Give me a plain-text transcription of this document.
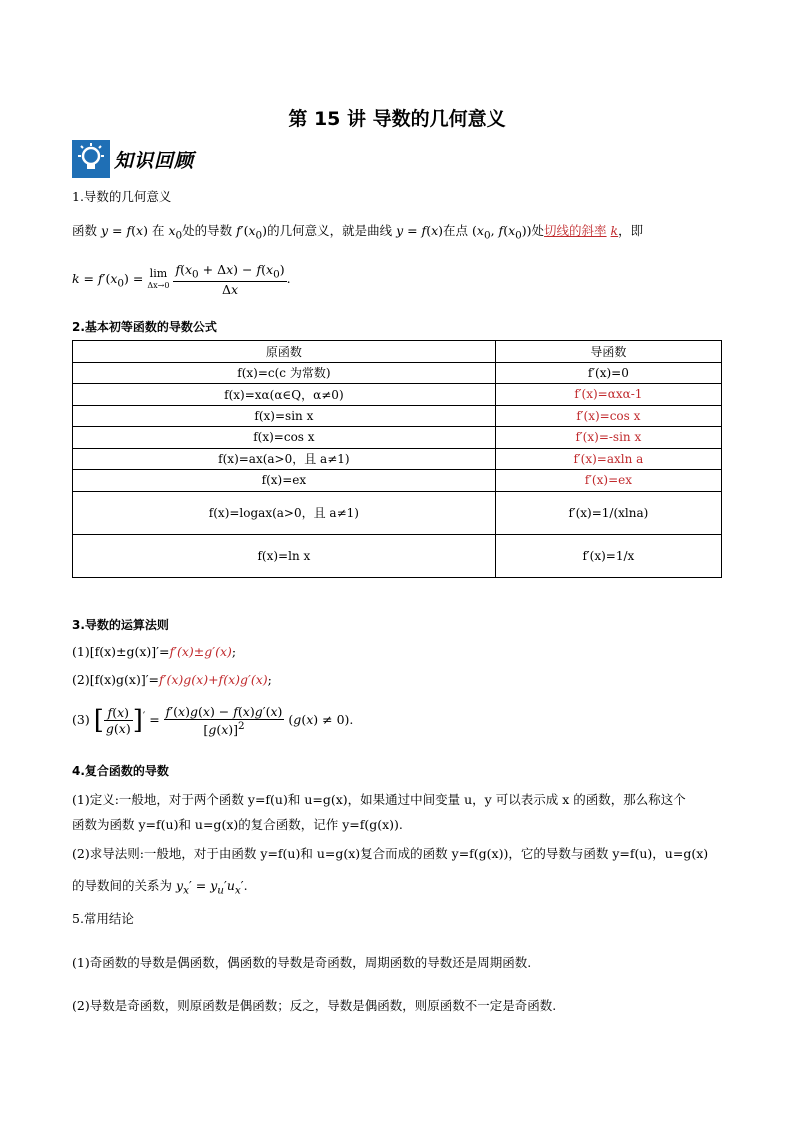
第 15 讲 导数的几何意义
知识回顾
1.导数的几何意义
函数 y = f(x) 在 $x_0$处的导数 $f'(x_0)$的几何意义，就是曲线 y = f(x)在点 ($x_0$, $f(x_0)$)处切线的斜率 k，即
$k = f'(x_0) = \lim$
$\Delta x\to 0 \frac{f(x_0 + \Delta x) - f(x_0)}{\Delta x}$ .
2.基本初等函数的导数公式
原函数	导函数
f(x)=c(c 为常数)	f′(x)=0
f(x)=xα(α∈Q，α≠0)	f′(x)=αxα-1
f(x)=sin x	f′(x)=cos x
f(x)=cos x	f′(x)=-sin x
f(x)=ax(a>0，且 a≠1)	f′(x)=axln a
f(x)=ex	f′(x)=ex
f(x)=logax(a>0，且 a≠1)	f′(x)=1/(xlna)
f(x)=ln x	f′(x)=1/x
3.导数的运算法则
(1)[f(x)±g(x)]′=f′(x)±g′(x);
(2)[f(x)g(x)]′=f′(x)g(x)+f(x)g′(x);
(3) [ $\frac{f(x)}{g(x)} ]' = \frac{f'(x)g(x) - f(x)g'(x)}{[g(x)]^2} (g(x) \ne 0)$.
4.复合函数的导数
(1)定义:一般地，对于两个函数 y=f(u)和 u=g(x)，如果通过中间变量 u，y 可以表示成 x 的函数，那么称这个
函数为函数 y=f(u)和 u=g(x)的复合函数，记作 y=f(g(x)).
(2)求导法则:一般地，对于由函数 y=f(u)和 u=g(x)复合而成的函数 y=f(g(x))，它的导数与函数 y=f(u)，u=g(x)
的导数间的关系为 $y_x' = y_u'u_x'$.
5.常用结论
(1)奇函数的导数是偶函数，偶函数的导数是奇函数，周期函数的导数还是周期函数.
(2)导数是奇函数，则原函数是偶函数；反之，导数是偶函数，则原函数不一定是奇函数.
